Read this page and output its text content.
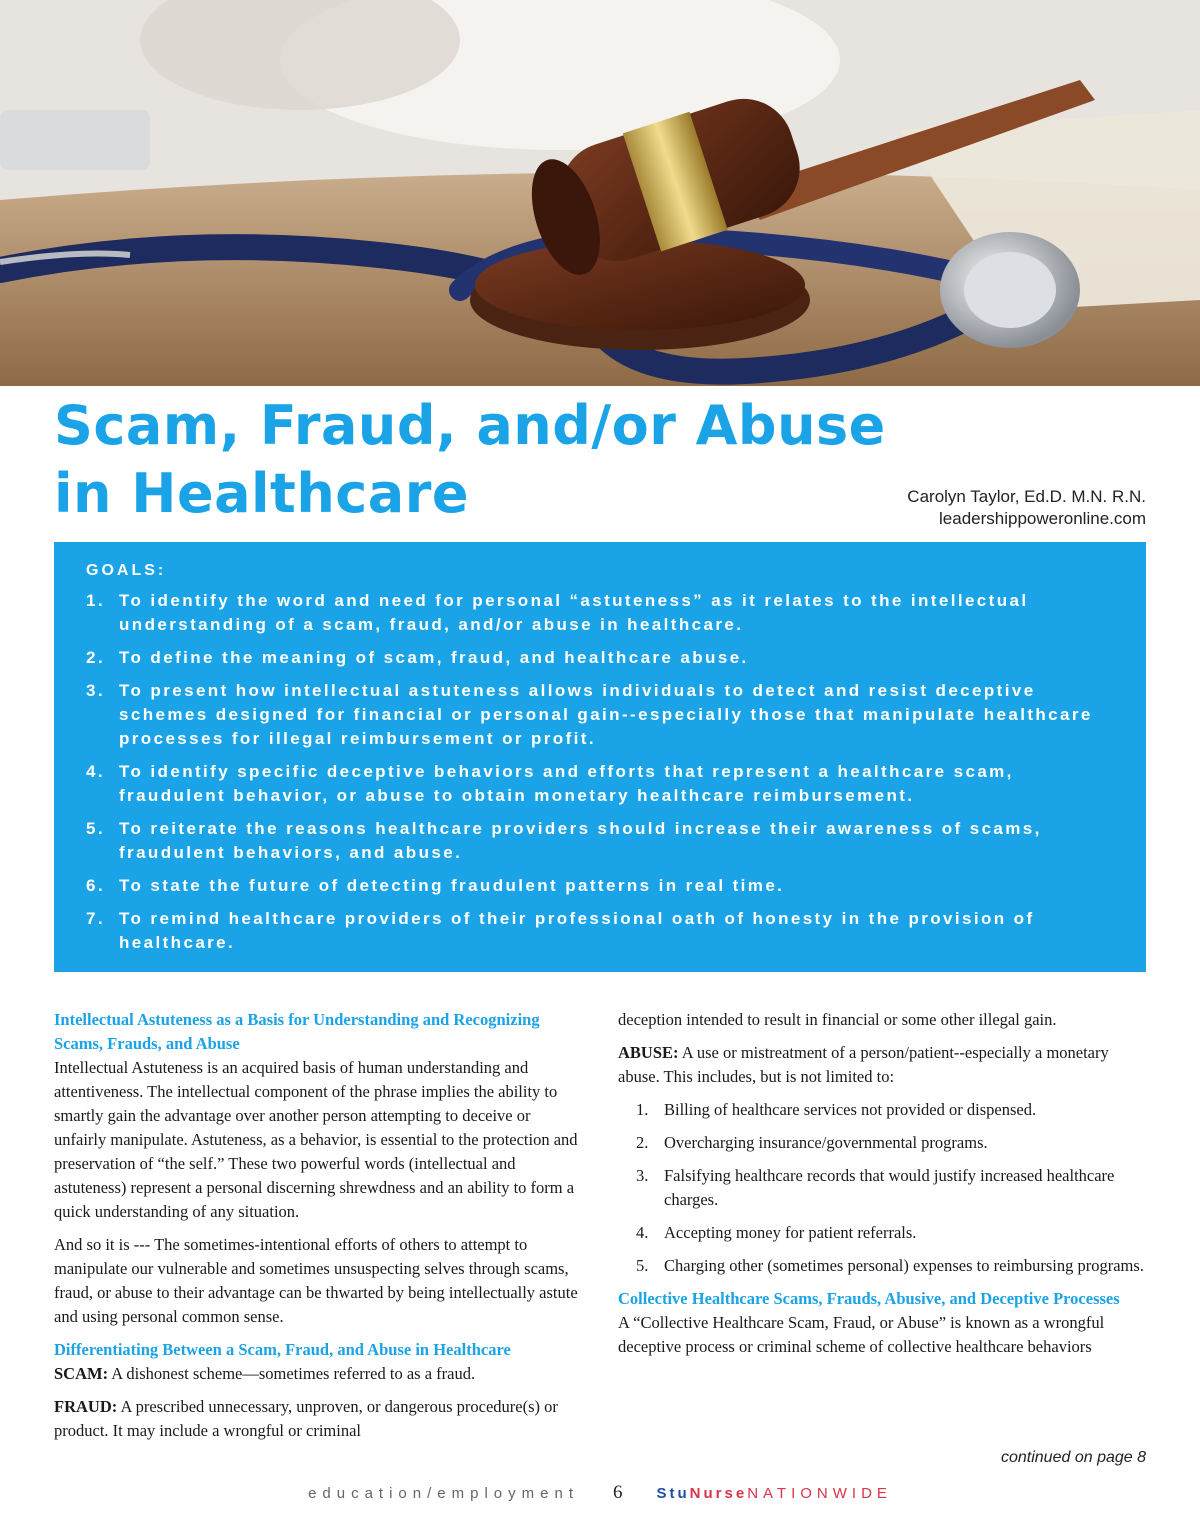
Scam, Fraud, and/or Abuse
in Healthcare	Carolyn Taylor, Ed.D. M.N. R.N.
leadershippoweronline.com
GOALS:
1. To identify the word and need for personal “astuteness” as it relates to the intellectual understanding of a scam, fraud, and/or abuse in healthcare.
2. To define the meaning of scam, fraud, and healthcare abuse.
3. To present how intellectual astuteness allows individuals to detect and resist deceptive schemes designed for financial or personal gain--especially those that manipulate healthcare processes for illegal reimbursement or profit.
4. To identify specific deceptive behaviors and efforts that represent a healthcare scam, fraudulent behavior, or abuse to obtain monetary healthcare reimbursement.
5. To reiterate the reasons healthcare providers should increase their awareness of scams, fraudulent behaviors, and abuse.
6. To state the future of detecting fraudulent patterns in real time.
7. To remind healthcare providers of their professional oath of honesty in the provision of healthcare.
Intellectual Astuteness as a Basis for Understanding and Recognizing Scams, Frauds, and Abuse

Intellectual Astuteness is an acquired basis of human understanding and attentiveness. The intellectual component of the phrase implies the ability to smartly gain the advantage over another person attempting to deceive or unfairly manipulate. Astuteness, as a behavior, is essential to the protection and preservation of “the self.” These two powerful words (intellectual and astuteness) represent a personal discerning shrewdness and an ability to form a quick understanding of any situation.

And so it is --- The sometimes-intentional efforts of others to attempt to manipulate our vulnerable and sometimes unsuspecting selves through scams, fraud, or abuse to their advantage can be thwarted by being intellectually astute and using personal common sense.

Differentiating Between a Scam, Fraud, and Abuse in Healthcare

SCAM: A dishonest scheme—sometimes referred to as a fraud.

FRAUD: A prescribed unnecessary, unproven, or dangerous procedure(s) or product. It may include a wrongful or criminal

deception intended to result in financial or some other illegal gain.

ABUSE: A use or mistreatment of a person/patient--especially a monetary abuse. This includes, but is not limited to:

1. Billing of healthcare services not provided or dispensed.
2. Overcharging insurance/governmental programs.
3. Falsifying healthcare records that would justify increased healthcare charges.
4. Accepting money for patient referrals.
5. Charging other (sometimes personal) expenses to reimbursing programs.
Collective Healthcare Scams, Frauds, Abusive, and Deceptive Processes

A “Collective Healthcare Scam, Fraud, or Abuse” is known as a wrongful deceptive process or criminal scheme of collective healthcare behaviors

continued on page 8
education/employment 6 StuNurseNATIONWIDE
